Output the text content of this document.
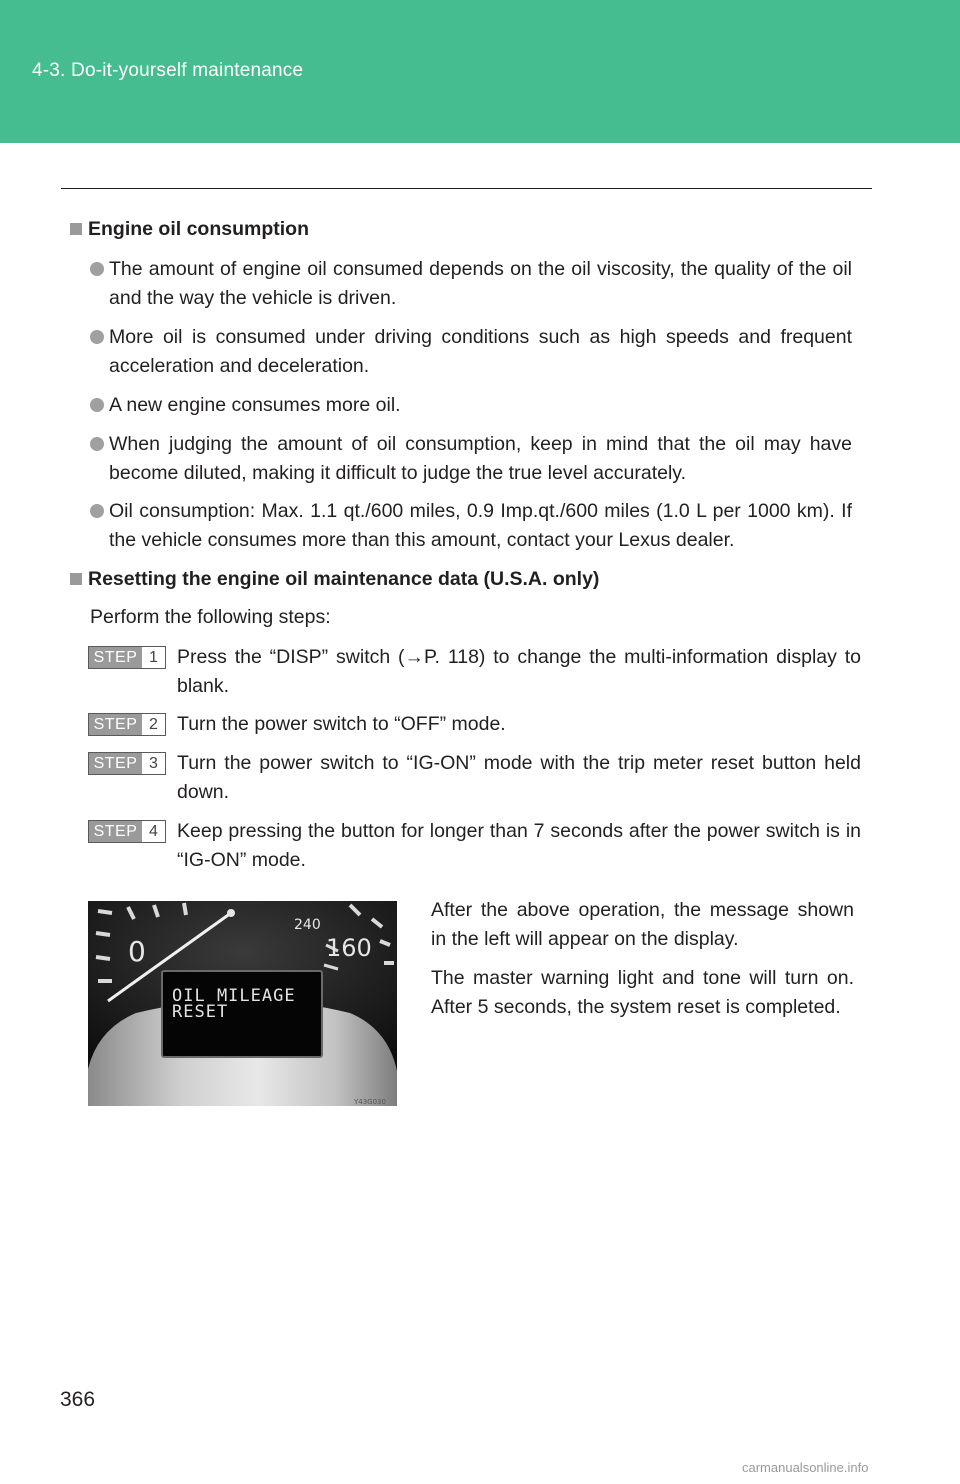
4-3. Do-it-yourself maintenance
Engine oil consumption
The amount of engine oil consumed depends on the oil viscosity, the quality of the oil and the way the vehicle is driven.
More oil is consumed under driving conditions such as high speeds and frequent acceleration and deceleration.
A new engine consumes more oil.
When judging the amount of oil consumption, keep in mind that the oil may have become diluted, making it difficult to judge the true level accurately.
Oil consumption: Max. 1.1 qt./600 miles, 0.9 Imp.qt./600 miles (1.0 L per 1000 km). If the vehicle consumes more than this amount, contact your Lexus dealer.
Resetting the engine oil maintenance data (U.S.A. only)
Perform the following steps:
STEP 1 Press the “DISP” switch (→P. 118) to change the multi-information display to blank.
STEP 2 Turn the power switch to “OFF” mode.
STEP 3 Turn the power switch to “IG-ON” mode with the trip meter reset button held down.
STEP 4 Keep pressing the button for longer than 7 seconds after the power switch is in “IG-ON” mode.
0
240
160
OIL MILEAGE
RESET
Y43G030
After the above operation, the message shown in the left will appear on the display.
The master warning light and tone will turn on. After 5 seconds, the system reset is completed.
366
carmanualsonline.info
